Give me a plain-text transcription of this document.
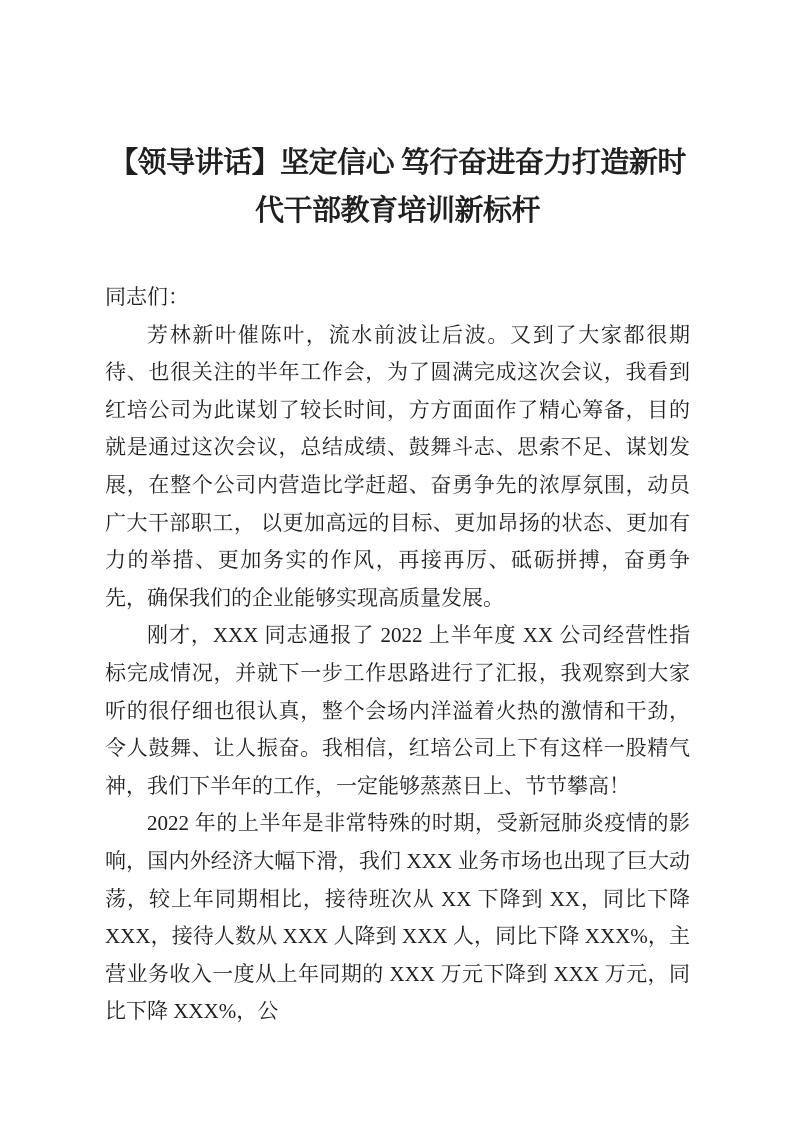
【领导讲话】坚定信心 笃行奋进奋力打造新时
代干部教育培训新标杆

同志们：

芳林新叶催陈叶，流水前波让后波。又到了大家都很期待、也很关注的半年工作会，为了圆满完成这次会议，我看到红培公司为此谋划了较长时间，方方面面作了精心筹备，目的就是通过这次会议，总结成绩、鼓舞斗志、思索不足、谋划发展，在整个公司内营造比学赶超、奋勇争先的浓厚氛围，动员广大干部职工， 以更加高远的目标、更加昂扬的状态、更加有力的举措、更加务实的作风，再接再厉、砥砺拼搏，奋勇争先，确保我们的企业能够实现高质量发展。

刚才，XXX 同志通报了 2022 上半年度 XX 公司经营性指标完成情况，并就下一步工作思路进行了汇报，我观察到大家听的很仔细也很认真，整个会场内洋溢着火热的激情和干劲，令人鼓舞、让人振奋。我相信，红培公司上下有这样一股精气神，我们下半年的工作，一定能够蒸蒸日上、节节攀高！

2022 年的上半年是非常特殊的时期，受新冠肺炎疫情的影响，国内外经济大幅下滑，我们 XXX 业务市场也出现了巨大动荡，较上年同期相比，接待班次从 XX 下降到 XX，同比下降 XXX，接待人数从 XXX 人降到 XXX 人，同比下降 XXX%，主营业务收入一度从上年同期的 XXX 万元下降到 XXX 万元，同比下降 XXX%，公
